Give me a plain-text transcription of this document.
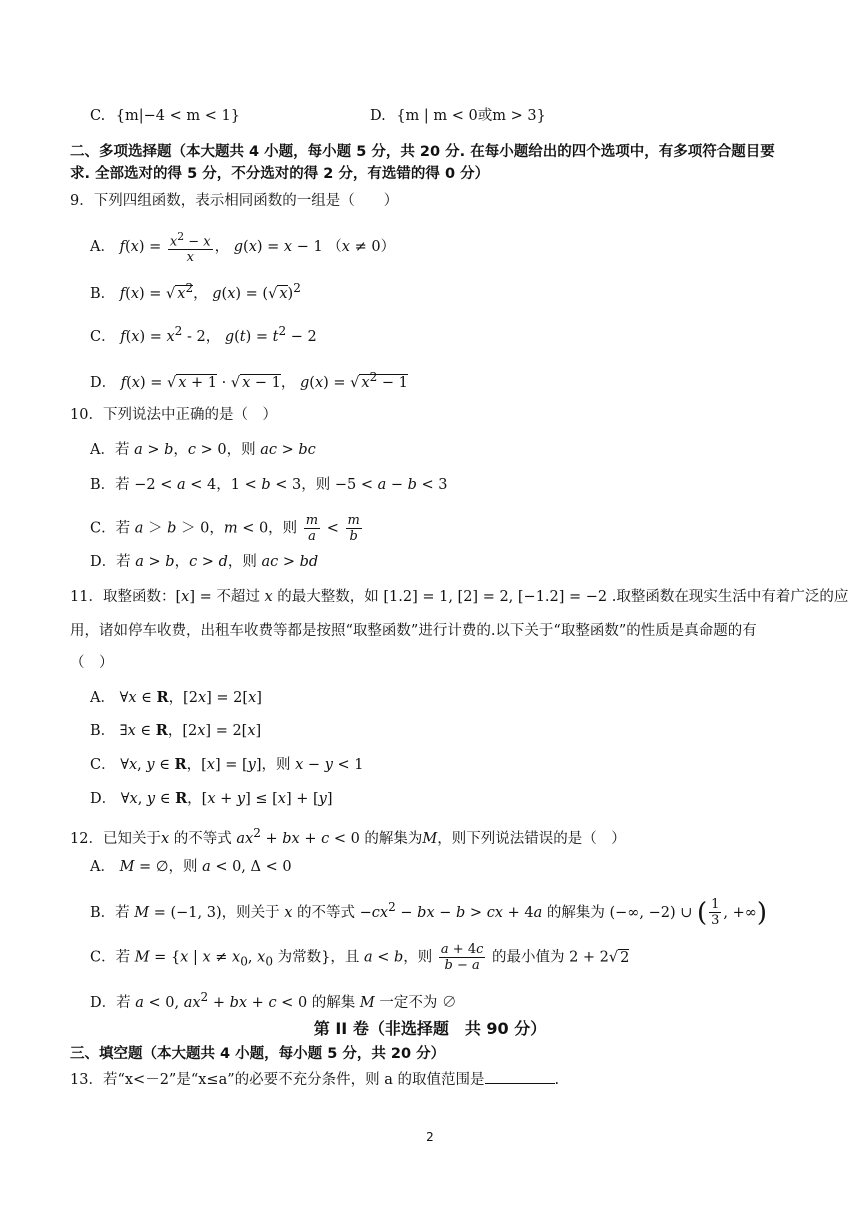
C. {m|−4 < m < 1}	D. {m | m < 0或m > 3}
二、多项选择题（本大题共 4 小题，每小题 5 分，共 20 分. 在每小题给出的四个选项中，有多项符合题目要
求. 全部选对的得 5 分，不分选对的得 2 分，有选错的得 0 分）
9．下列四组函数，表示相同函数的一组是（　　）
A． $f(x) = \frac{x^2 - x}{x}$ ， g(x) = x − 1 （x ≠ 0）
B． f(x) = √ $x^2$， g(x) = (√ x)$^2$
C． $f(x) = x^2 - 2$， $g(t) = t^2 - 2$
D． f(x) = √ x + 1 · √ x − 1， g(x) = √ $x^2 - 1$
10．下列说法中正确的是（　）
A．若 a > b，c > 0，则 ac > bc
B．若 −2 < a < 4，1 < b < 3，则 −5 < a − b < 3
C．若 a ＞ b ＞ 0，m < 0，则 $\frac{m}{a} < \frac{m}{b}$
D．若 a > b，c > d，则 ac > bd
11．取整函数：[x] = 不超过 x 的最大整数，如 [1.2] = 1, [2] = 2, [−1.2] = −2 .取整函数在现实生活中有着广泛的应
用，诸如停车收费，出租车收费等都是按照“取整函数”进行计费的.以下关于“取整函数”的性质是真命题的有
（　）
A． ∀x ∈ R，[2x] = 2[x]
B． ∃x ∈ R，[2x] = 2[x]
C． ∀x, y ∈ R，[x] = [y]，则 x − y < 1
D． ∀x, y ∈ R，[x + y] ≤ [x] + [y]
12．已知关于x 的不等式 $ax^2$ + bx + c < 0 的解集为M，则下列说法错误的是（　）
A． M = ∅，则 a < 0, Δ < 0
B．若 M = (−1, 3)，则关于 x 的不等式 $-cx^2$ − bx − b > cx + 4a 的解集为 (−∞, −2) ∪ ( $\frac{1}{3}$ , +∞)
C．若 M = {x | $x \ne x_0$, $x_0$ 为常数}，且 a < b，则 $\frac{a + 4c}{b - a}$ 的最小值为 2 + 2√ 2
D．若 a < 0, $ax^2$ + bx + c < 0 的解集 M 一定不为 ∅
第 II 卷（非选择题　共 90 分）
三、填空题（本大题共 4 小题，每小题 5 分，共 20 分）
13．若“x<－2”是“x≤a”的必要不充分条件，则 a 的取值范围是	.
2
